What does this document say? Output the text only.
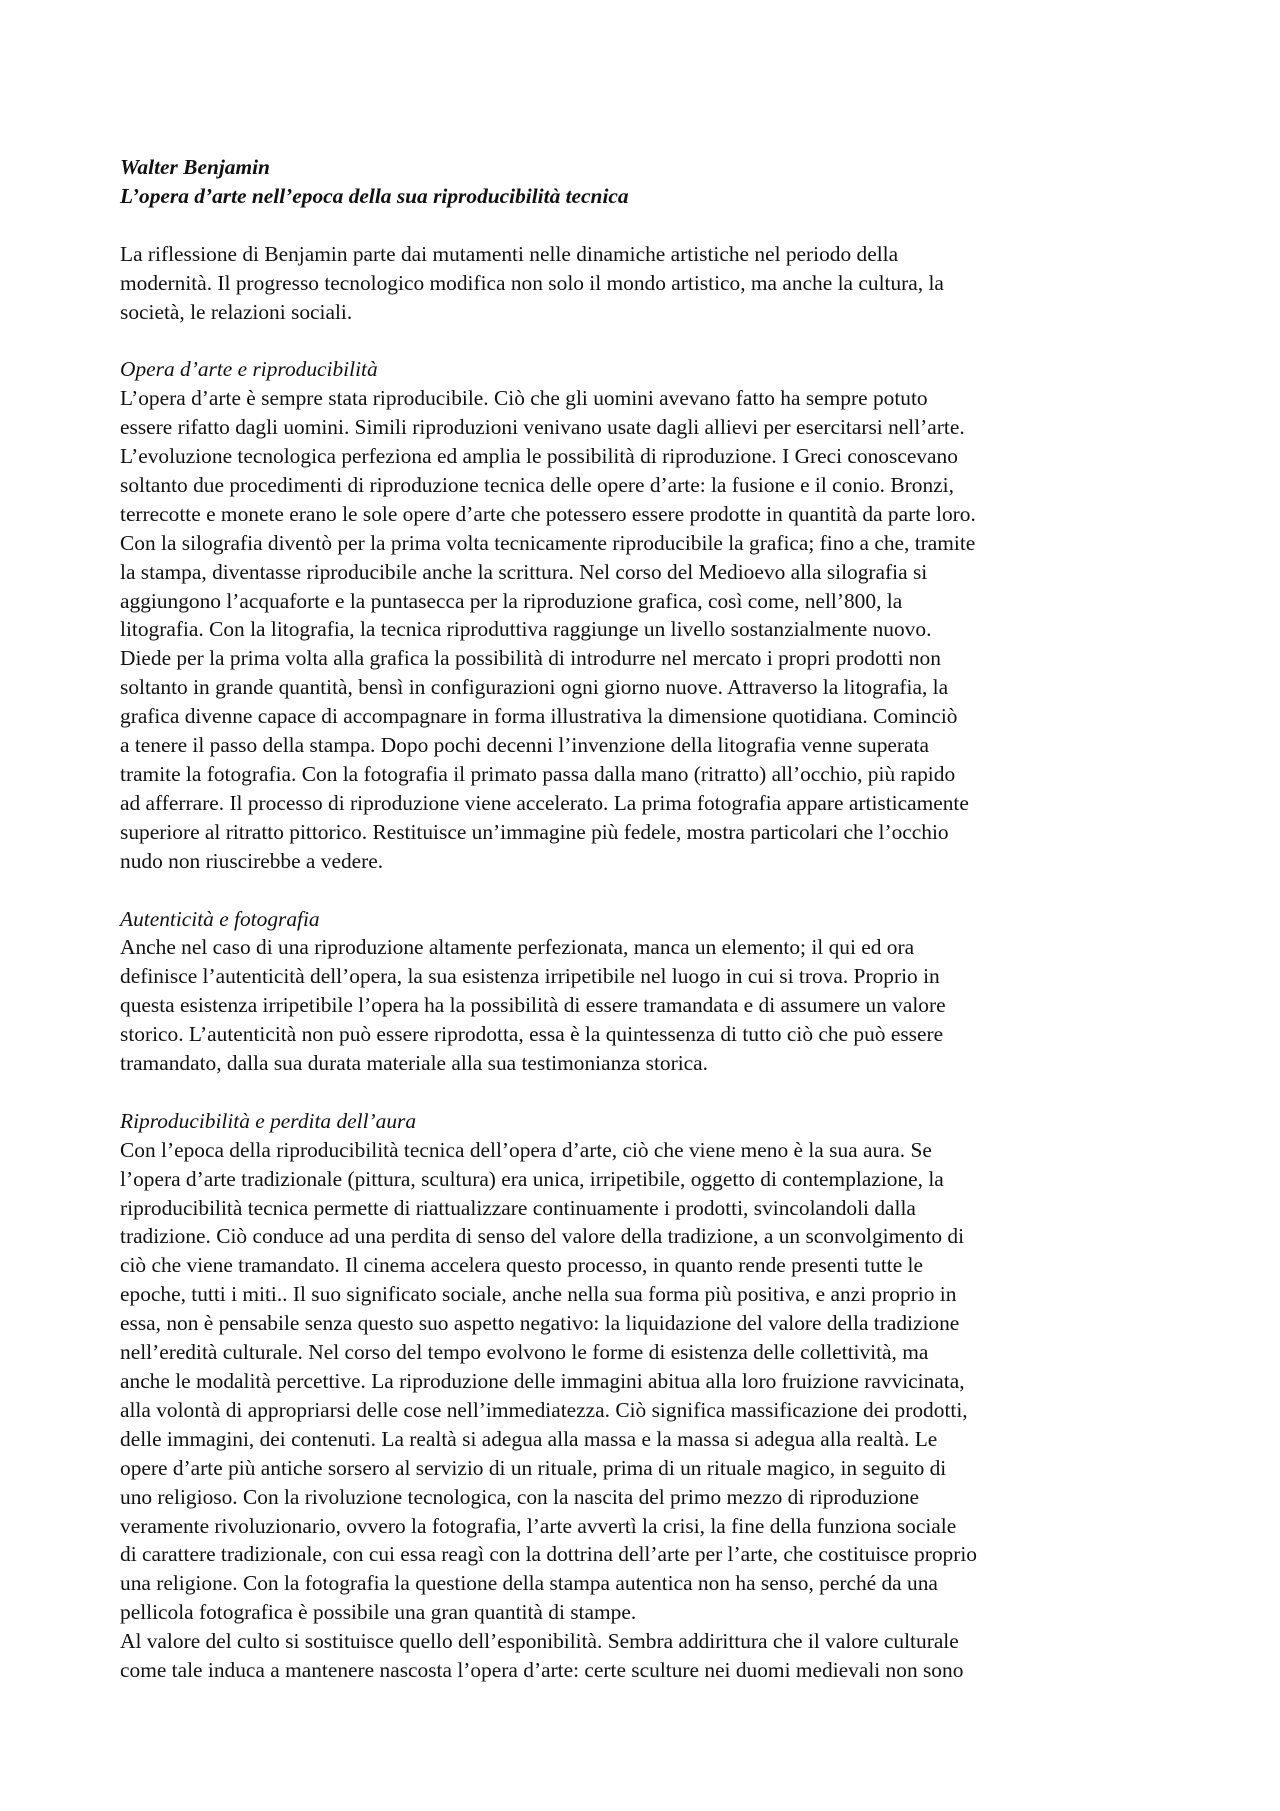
Walter Benjamin
L’opera d’arte nell’epoca della sua riproducibilità tecnica
La riflessione di Benjamin parte dai mutamenti nelle dinamiche artistiche nel periodo della
modernità. Il progresso tecnologico modifica non solo il mondo artistico, ma anche la cultura, la
società, le relazioni sociali.
Opera d’arte e riproducibilità
L’opera d’arte è sempre stata riproducibile. Ciò che gli uomini avevano fatto ha sempre potuto
essere rifatto dagli uomini. Simili riproduzioni venivano usate dagli allievi per esercitarsi nell’arte.
L’evoluzione tecnologica perfeziona ed amplia le possibilità di riproduzione. I Greci conoscevano
soltanto due procedimenti di riproduzione tecnica delle opere d’arte: la fusione e il conio. Bronzi,
terrecotte e monete erano le sole opere d’arte che potessero essere prodotte in quantità da parte loro.
Con la silografia diventò per la prima volta tecnicamente riproducibile la grafica; fino a che, tramite
la stampa, diventasse riproducibile anche la scrittura. Nel corso del Medioevo alla silografia si
aggiungono l’acquaforte e la puntasecca per la riproduzione grafica, così come, nell’800, la
litografia. Con la litografia, la tecnica riproduttiva raggiunge un livello sostanzialmente nuovo.
Diede per la prima volta alla grafica la possibilità di introdurre nel mercato i propri prodotti non
soltanto in grande quantità, bensì in configurazioni ogni giorno nuove. Attraverso la litografia, la
grafica divenne capace di accompagnare in forma illustrativa la dimensione quotidiana. Cominciò
a tenere il passo della stampa. Dopo pochi decenni l’invenzione della litografia venne superata
tramite la fotografia. Con la fotografia il primato passa dalla mano (ritratto) all’occhio, più rapido
ad afferrare. Il processo di riproduzione viene accelerato. La prima fotografia appare artisticamente
superiore al ritratto pittorico. Restituisce un’immagine più fedele, mostra particolari che l’occhio
nudo non riuscirebbe a vedere.
Autenticità e fotografia
Anche nel caso di una riproduzione altamente perfezionata, manca un elemento; il qui ed ora
definisce l’autenticità dell’opera, la sua esistenza irripetibile nel luogo in cui si trova. Proprio in
questa esistenza irripetibile l’opera ha la possibilità di essere tramandata e di assumere un valore
storico. L’autenticità non può essere riprodotta, essa è la quintessenza di tutto ciò che può essere
tramandato, dalla sua durata materiale alla sua testimonianza storica.
Riproducibilità e perdita dell’aura
Con l’epoca della riproducibilità tecnica dell’opera d’arte, ciò che viene meno è la sua aura. Se
l’opera d’arte tradizionale (pittura, scultura) era unica, irripetibile, oggetto di contemplazione, la
riproducibilità tecnica permette di riattualizzare continuamente i prodotti, svincolandoli dalla
tradizione. Ciò conduce ad una perdita di senso del valore della tradizione, a un sconvolgimento di
ciò che viene tramandato. Il cinema accelera questo processo, in quanto rende presenti tutte le
epoche, tutti i miti.. Il suo significato sociale, anche nella sua forma più positiva, e anzi proprio in
essa, non è pensabile senza questo suo aspetto negativo: la liquidazione del valore della tradizione
nell’eredità culturale. Nel corso del tempo evolvono le forme di esistenza delle collettività, ma
anche le modalità percettive. La riproduzione delle immagini abitua alla loro fruizione ravvicinata,
alla volontà di appropriarsi delle cose nell’immediatezza. Ciò significa massificazione dei prodotti,
delle immagini, dei contenuti. La realtà si adegua alla massa e la massa si adegua alla realtà. Le
opere d’arte più antiche sorsero al servizio di un rituale, prima di un rituale magico, in seguito di
uno religioso. Con la rivoluzione tecnologica, con la nascita del primo mezzo di riproduzione
veramente rivoluzionario, ovvero la fotografia, l’arte avvertì la crisi, la fine della funziona sociale
di carattere tradizionale, con cui essa reagì con la dottrina dell’arte per l’arte, che costituisce proprio
una religione. Con la fotografia la questione della stampa autentica non ha senso, perché da una
pellicola fotografica è possibile una gran quantità di stampe.
Al valore del culto si sostituisce quello dell’esponibilità. Sembra addirittura che il valore culturale
come tale induca a mantenere nascosta l’opera d’arte: certe sculture nei duomi medievali non sono
